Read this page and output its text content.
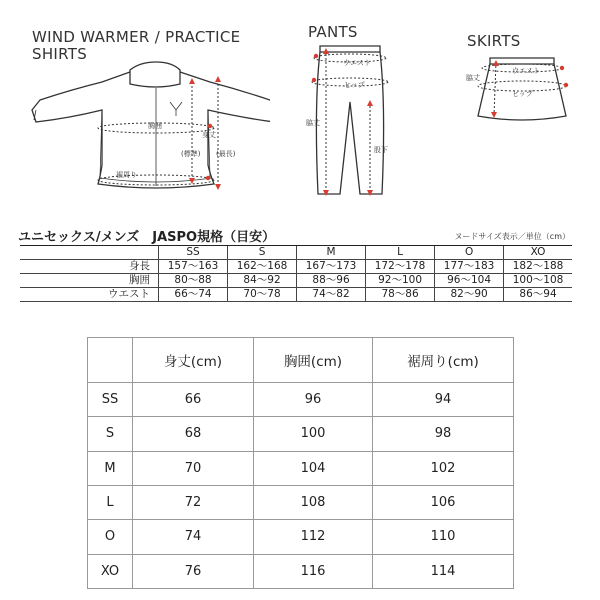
WIND WARMER / PRACTICE
SHIRTS
胸囲
身丈
(標準) (最長)
裾周り
PANTS
ウエスト
ヒップ
脇丈
股下
SKIRTS
ウエスト
ヒップ
脇丈
ユニセックス/メンズ　JASPO規格（目安）	ヌードサイズ表示／単位（cm）
	SS	S	M	L	O	XO
身長	157～163	162～168	167～173	172～178	177～183	182～188
胸囲	80～88	84～92	88～96	92～100	96～104	100～108
ウエスト	66～74	70～78	74～82	78～86	82～90	86～94
	身丈(cm)	胸囲(cm)	裾周り(cm)
SS	66	96	94
S	68	100	98
M	70	104	102
L	72	108	106
O	74	112	110
XO	76	116	114
